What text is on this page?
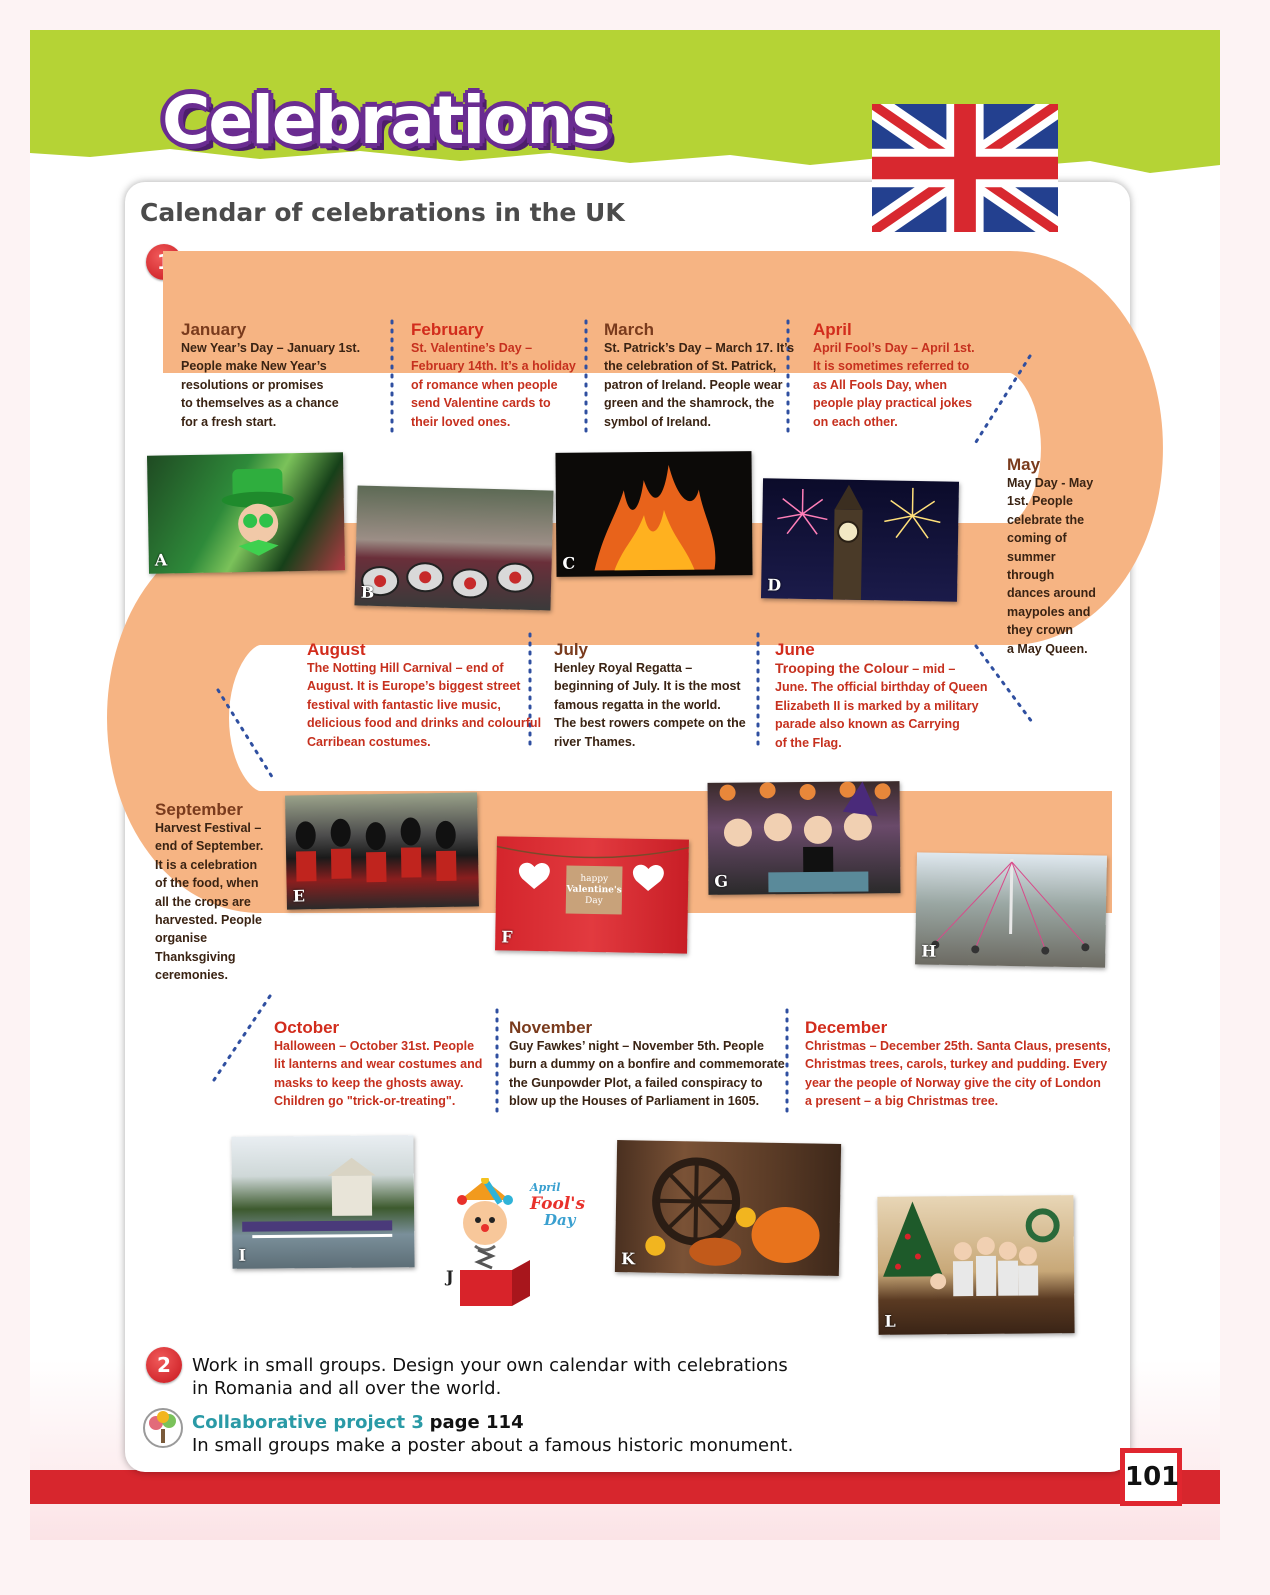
Celebrations
Calendar of celebrations in the UK
1	Read the information in the calendar and match the celebrations with the pictures.
January
New Year’s Day – January 1st.
People make New Year’s
resolutions or promises
to themselves as a chance
for a fresh start.
February
St. Valentine’s Day –
February 14th. It’s a holiday
of romance when people
send Valentine cards to
their loved ones.
March
St. Patrick’s Day – March 17. It’s
the celebration of St. Patrick,
patron of Ireland. People wear
green and the shamrock, the
symbol of Ireland.
April
April Fool’s Day – April 1st.
It is sometimes referred to
as All Fools Day, when
people play practical jokes
on each other.
May
May Day - May
1st. People
celebrate the
coming of
summer
through
dances around
maypoles and
they crown
a May Queen.
June
Trooping the Colour – mid –
June. The official birthday of Queen
Elizabeth II is marked by a military
parade also known as Carrying
of the Flag.
July
Henley Royal Regatta –
beginning of July. It is the most
famous regatta in the world.
The best rowers compete on the
river Thames.
August
The Notting Hill Carnival – end of
August. It is Europe’s biggest street
festival with fantastic live music,
delicious food and drinks and colourful
Carribean costumes.
September
Harvest Festival –
end of September.
It is a celebration
of the food, when
all the crops are
harvested. People
organise
Thanksgiving
ceremonies.
October
Halloween – October 31st. People
lit lanterns and wear costumes and
masks to keep the ghosts away.
Children go "trick-or-treating".
November
Guy Fawkes’ night – November 5th. People
burn a dummy on a bonfire and commemorate
the Gunpowder Plot, a failed conspiracy to
blow up the Houses of Parliament in 1605.
December
Christmas – December 25th. Santa Claus, presents,
Christmas trees, carols, turkey and pudding. Every
year the people of Norway give the city of London
a present – a big Christmas tree.
A
B
C
D
E
happy
Valentine's
Day
F
G
H
I
April
Fool's
Day
J
K
L
2	Work in small groups. Design your own calendar with celebrations
in Romania and all over the world.
Collaborative project 3 page 114
In small groups make a poster about a famous historic monument.
101
